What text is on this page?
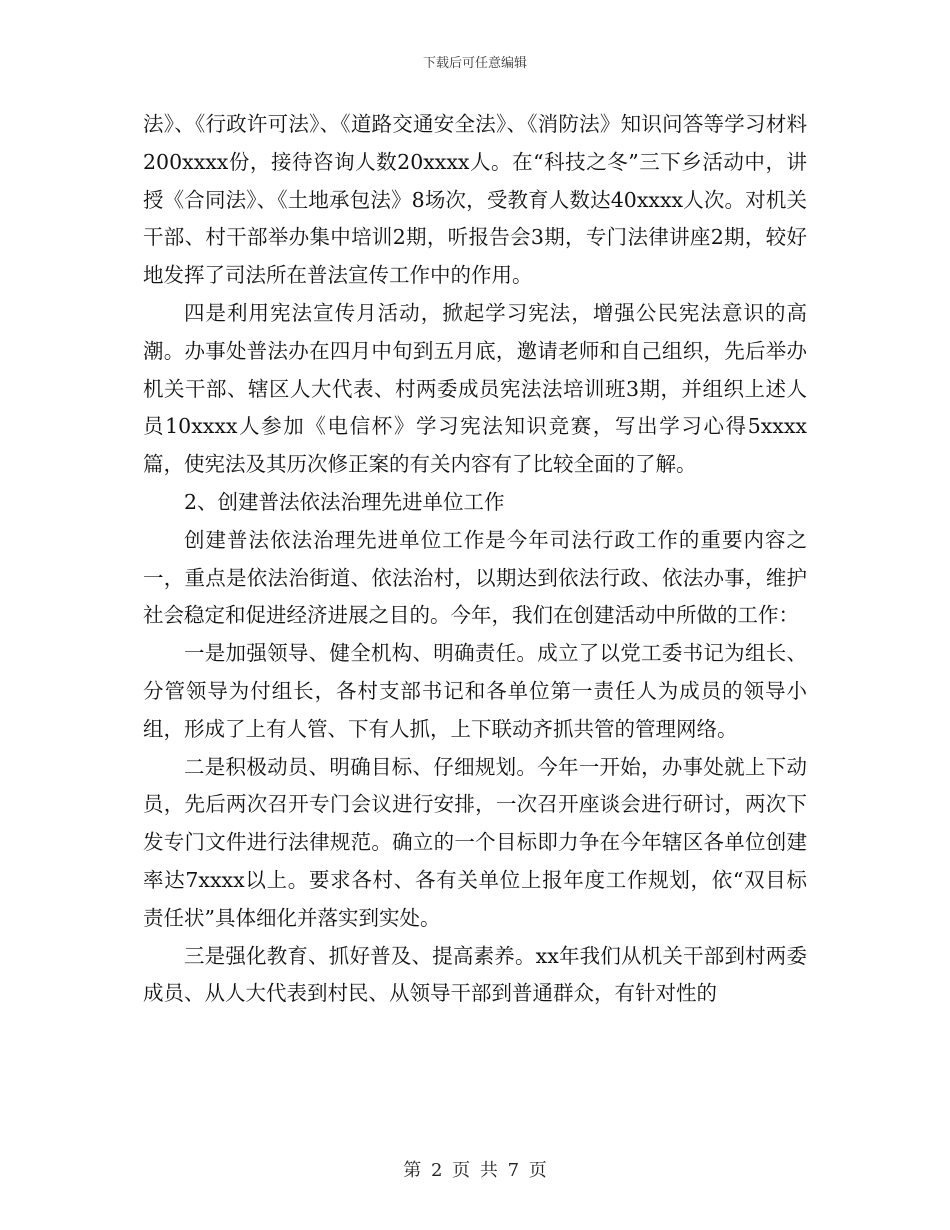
下载后可任意编辑

法》、《行政许可法》、《道路交通安全法》、《消防法》知识问答等学习材料200xxxx份，接待咨询人数20xxxx人。在“科技之冬”三下乡活动中，讲授《合同法》、《土地承包法》8场次，受教育人数达40xxxx人次。对机关干部、村干部举办集中培训2期，听报告会3期，专门法律讲座2期，较好地发挥了司法所在普法宣传工作中的作用。

四是利用宪法宣传月活动，掀起学习宪法，增强公民宪法意识的高潮。办事处普法办在四月中旬到五月底，邀请老师和自己组织，先后举办机关干部、辖区人大代表、村两委成员宪法法培训班3期，并组织上述人员10xxxx人参加《电信杯》学习宪法知识竞赛，写出学习心得5xxxx篇，使宪法及其历次修正案的有关内容有了比较全面的了解。

2、创建普法依法治理先进单位工作

创建普法依法治理先进单位工作是今年司法行政工作的重要内容之一，重点是依法治街道、依法治村，以期达到依法行政、依法办事，维护社会稳定和促进经济进展之目的。今年，我们在创建活动中所做的工作：

一是加强领导、健全机构、明确责任。成立了以党工委书记为组长、分管领导为付组长，各村支部书记和各单位第一责任人为成员的领导小组，形成了上有人管、下有人抓，上下联动齐抓共管的管理网络。

二是积极动员、明确目标、仔细规划。今年一开始，办事处就上下动员，先后两次召开专门会议进行安排，一次召开座谈会进行研讨，两次下发专门文件进行法律规范。确立的一个目标即力争在今年辖区各单位创建率达7xxxx以上。要求各村、各有关单位上报年度工作规划，依“双目标责任状”具体细化并落实到实处。

三是强化教育、抓好普及、提高素养。xx年我们从机关干部到村两委成员、从人大代表到村民、从领导干部到普通群众，有针对性的

第 2 页 共 7 页
